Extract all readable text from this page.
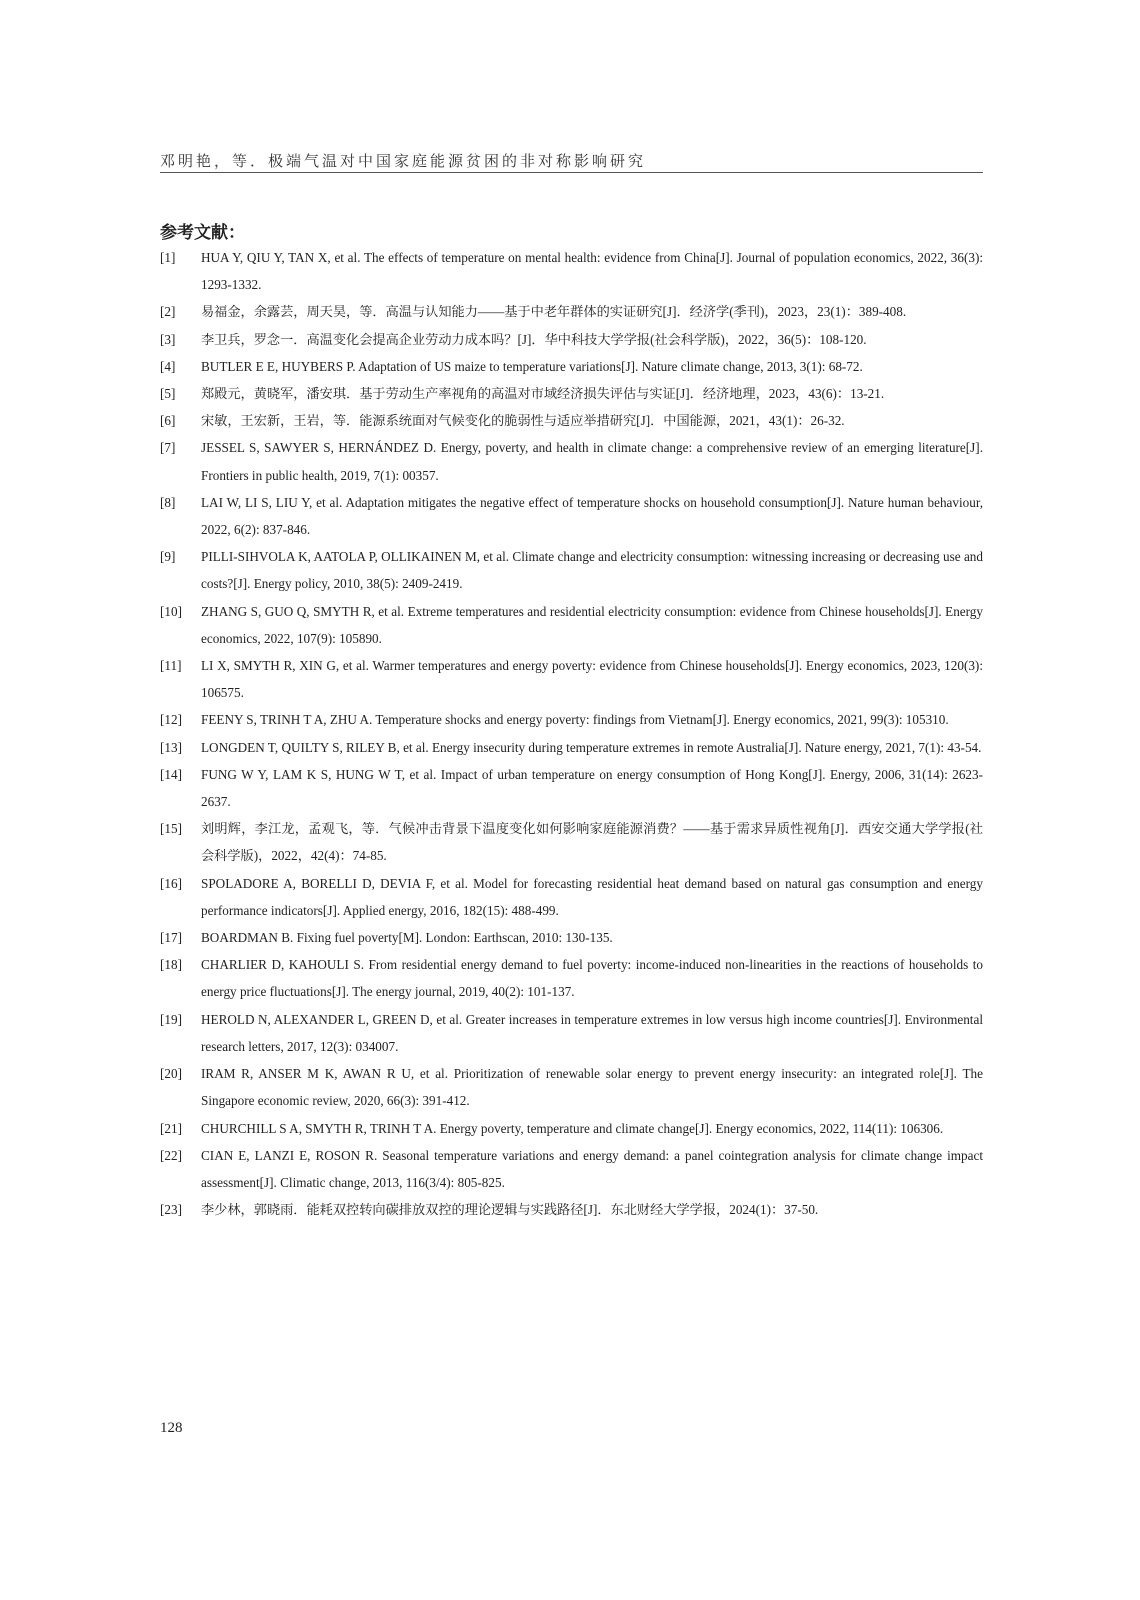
邓明艳，等．极端气温对中国家庭能源贫困的非对称影响研究
参考文献：
[1] HUA Y, QIU Y, TAN X, et al. The effects of temperature on mental health: evidence from China[J]. Journal of population economics, 2022, 36(3): 1293-1332.
[2] 易福金，余露芸，周天昊，等．高温与认知能力——基于中老年群体的实证研究[J]．经济学(季刊)，2023，23(1)：389-408.
[3] 李卫兵，罗念一．高温变化会提高企业劳动力成本吗？[J]．华中科技大学学报(社会科学版)，2022，36(5)：108-120.
[4] BUTLER E E, HUYBERS P. Adaptation of US maize to temperature variations[J]. Nature climate change, 2013, 3(1): 68-72.
[5] 郑殿元，黄晓军，潘安琪．基于劳动生产率视角的高温对市域经济损失评估与实证[J]．经济地理，2023，43(6)：13-21.
[6] 宋敏，王宏新，王岩，等．能源系统面对气候变化的脆弱性与适应举措研究[J]．中国能源，2021，43(1)：26-32.
[7] JESSEL S, SAWYER S, HERNÁNDEZ D. Energy, poverty, and health in climate change: a comprehensive review of an emerging literature[J]. Frontiers in public health, 2019, 7(1): 00357.
[8] LAI W, LI S, LIU Y, et al. Adaptation mitigates the negative effect of temperature shocks on household consumption[J]. Nature human behaviour, 2022, 6(2): 837-846.
[9] PILLI-SIHVOLA K, AATOLA P, OLLIKAINEN M, et al. Climate change and electricity consumption: witnessing increasing or decreasing use and costs?[J]. Energy policy, 2010, 38(5): 2409-2419.
[10] ZHANG S, GUO Q, SMYTH R, et al. Extreme temperatures and residential electricity consumption: evidence from Chinese households[J]. Energy economics, 2022, 107(9): 105890.
[11] LI X, SMYTH R, XIN G, et al. Warmer temperatures and energy poverty: evidence from Chinese households[J]. Energy economics, 2023, 120(3): 106575.
[12] FEENY S, TRINH T A, ZHU A. Temperature shocks and energy poverty: findings from Vietnam[J]. Energy economics, 2021, 99(3): 105310.
[13] LONGDEN T, QUILTY S, RILEY B, et al. Energy insecurity during temperature extremes in remote Australia[J]. Nature energy, 2021, 7(1): 43-54.
[14] FUNG W Y, LAM K S, HUNG W T, et al. Impact of urban temperature on energy consumption of Hong Kong[J]. Energy, 2006, 31(14): 2623-2637.
[15] 刘明辉，李江龙，孟观飞，等．气候冲击背景下温度变化如何影响家庭能源消费？——基于需求异质性视角[J]．西安交通大学学报(社会科学版)，2022，42(4)：74-85.
[16] SPOLADORE A, BORELLI D, DEVIA F, et al. Model for forecasting residential heat demand based on natural gas consumption and energy performance indicators[J]. Applied energy, 2016, 182(15): 488-499.
[17] BOARDMAN B. Fixing fuel poverty[M]. London: Earthscan, 2010: 130-135.
[18] CHARLIER D, KAHOULI S. From residential energy demand to fuel poverty: income-induced non-linearities in the reactions of households to energy price fluctuations[J]. The energy journal, 2019, 40(2): 101-137.
[19] HEROLD N, ALEXANDER L, GREEN D, et al. Greater increases in temperature extremes in low versus high income countries[J]. Environmental research letters, 2017, 12(3): 034007.
[20] IRAM R, ANSER M K, AWAN R U, et al. Prioritization of renewable solar energy to prevent energy insecurity: an integrated role[J]. The Singapore economic review, 2020, 66(3): 391-412.
[21] CHURCHILL S A, SMYTH R, TRINH T A. Energy poverty, temperature and climate change[J]. Energy economics, 2022, 114(11): 106306.
[22] CIAN E, LANZI E, ROSON R. Seasonal temperature variations and energy demand: a panel cointegration analysis for climate change impact assessment[J]. Climatic change, 2013, 116(3/4): 805-825.
[23] 李少林，郭晓雨．能耗双控转向碳排放双控的理论逻辑与实践路径[J]．东北财经大学学报，2024(1)：37-50.
128
